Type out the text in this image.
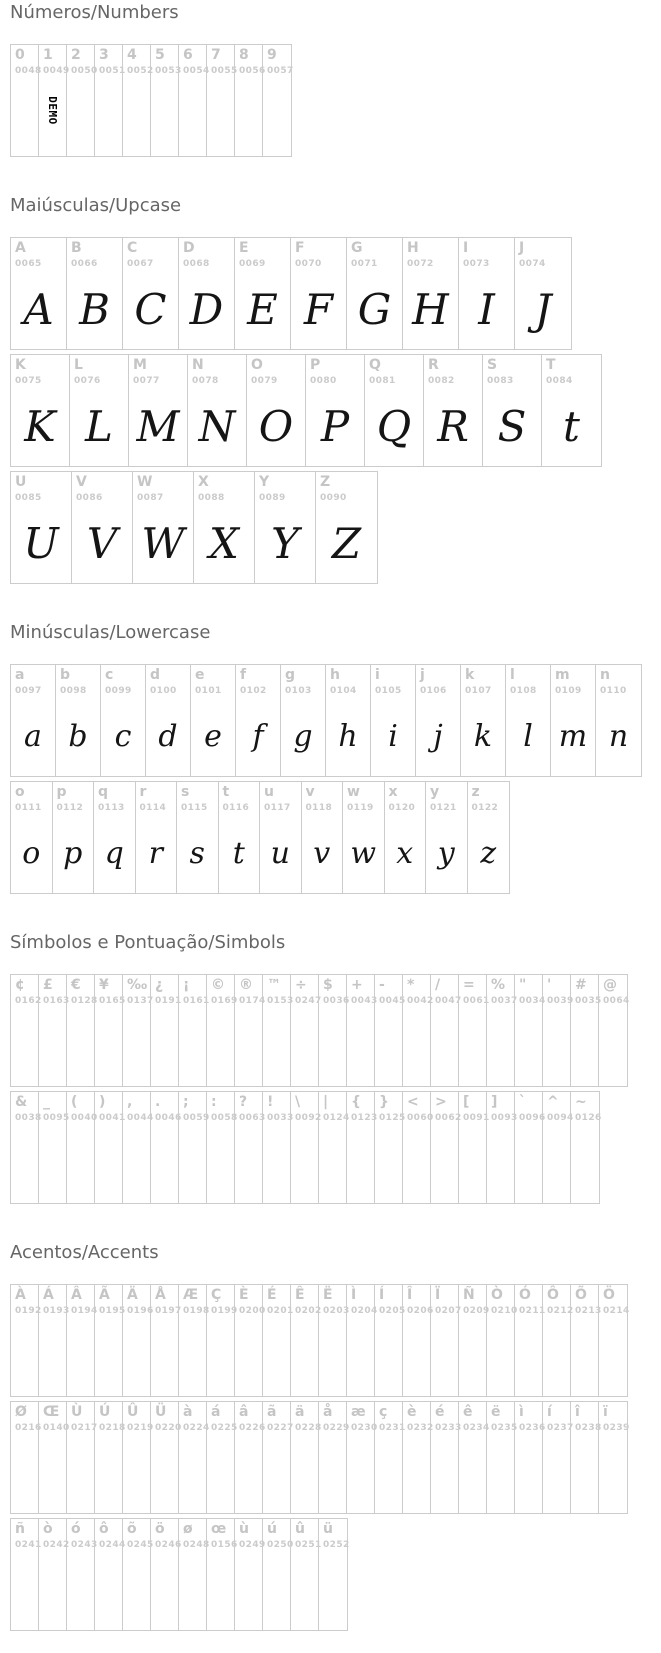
Números/Numbers
0
0048
1
0049
DEMO
2
0050
3
0051
4
0052
5
0053
6
0054
7
0055
8
0056
9
0057
Maiúsculas/Upcase
A
0065
A
B
0066
B
C
0067
C
D
0068
D
E
0069
E
F
0070
F
G
0071
G
H
0072
H
I
0073
I
J
0074
J
K
0075
K
L
0076
L
M
0077
M
N
0078
N
O
0079
O
P
0080
P
Q
0081
Q
R
0082
R
S
0083
S
T
0084
t
U
0085
U
V
0086
V
W
0087
W
X
0088
X
Y
0089
Y
Z
0090
Z
Minúsculas/Lowercase
a
0097
a
b
0098
b
c
0099
c
d
0100
d
e
0101
e
f
0102
f
g
0103
g
h
0104
h
i
0105
i
j
0106
j
k
0107
k
l
0108
l
m
0109
m
n
0110
n
o
0111
o
p
0112
p
q
0113
q
r
0114
r
s
0115
s
t
0116
t
u
0117
u
v
0118
v
w
0119
w
x
0120
x
y
0121
y
z
0122
z
Símbolos e Pontuação/Simbols
¢
0162
£
0163
€
0128
¥
0165
‰
0137
¿
0191
¡
0161
©
0169
®
0174
™
0153
÷
0247
$
0036
+
0043
-
0045
*
0042
/
0047
=
0061
%
0037
"
0034
'
0039
#
0035
@
0064
&
0038
_
0095
(
0040
)
0041
,
0044
.
0046
;
0059
:
0058
?
0063
!
0033
\
0092
|
0124
{
0123
}
0125
<
0060
>
0062
[
0091
]
0093
`
0096
^
0094
~
0126
Acentos/Accents
À
0192
Á
0193
Â
0194
Ã
0195
Ä
0196
Å
0197
Æ
0198
Ç
0199
È
0200
É
0201
Ê
0202
Ë
0203
Ì
0204
Í
0205
Î
0206
Ï
0207
Ñ
0209
Ò
0210
Ó
0211
Ô
0212
Õ
0213
Ö
0214
Ø
0216
Œ
0140
Ù
0217
Ú
0218
Û
0219
Ü
0220
à
0224
á
0225
â
0226
ã
0227
ä
0228
å
0229
æ
0230
ç
0231
è
0232
é
0233
ê
0234
ë
0235
ì
0236
í
0237
î
0238
ï
0239
ñ
0241
ò
0242
ó
0243
ô
0244
õ
0245
ö
0246
ø
0248
œ
0156
ù
0249
ú
0250
û
0251
ü
0252
